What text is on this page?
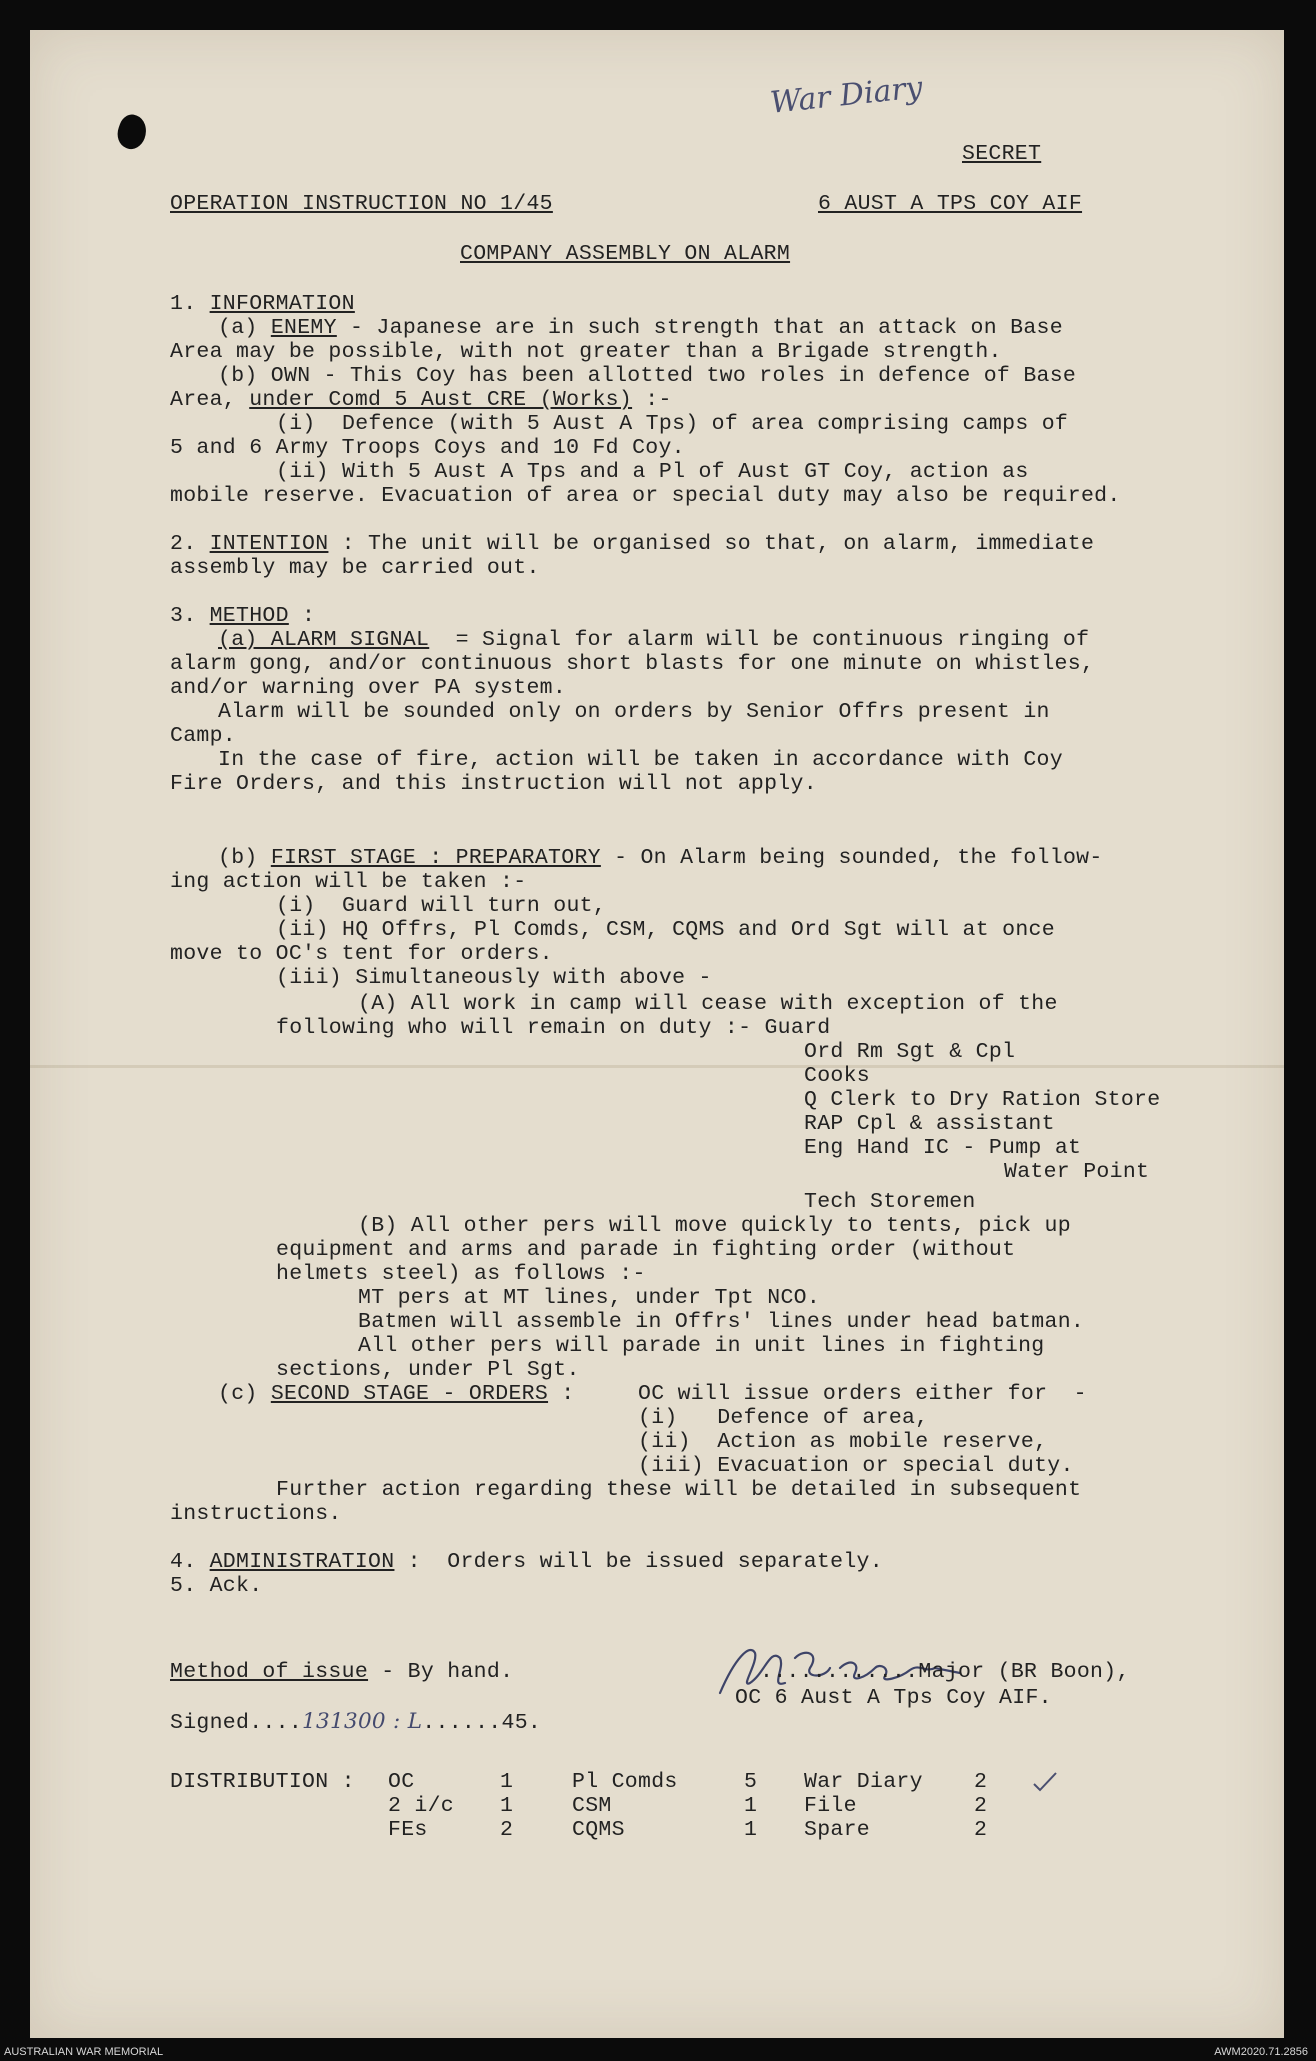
War Diary

SECRET

OPERATION INSTRUCTION NO 1/45	6 AUST A TPS COY AIF

COMPANY ASSEMBLY ON ALARM

1. INFORMATION

(a) ENEMY - Japanese are in such strength that an attack on Base

Area may be possible, with not greater than a Brigade strength.

(b) OWN - This Coy has been allotted two roles in defence of Base

Area, under Comd 5 Aust CRE (Works) :-

(i)  Defence (with 5 Aust A Tps) of area comprising camps of

5 and 6 Army Troops Coys and 10 Fd Coy.

(ii) With 5 Aust A Tps and a Pl of Aust GT Coy, action as

mobile reserve. Evacuation of area or special duty may also be required.

2. INTENTION : The unit will be organised so that, on alarm, immediate

assembly may be carried out.

3. METHOD :

(a) ALARM SIGNAL  = Signal for alarm will be continuous ringing of

alarm gong, and/or continuous short blasts for one minute on whistles,

and/or warning over PA system.

Alarm will be sounded only on orders by Senior Offrs present in

Camp.

In the case of fire, action will be taken in accordance with Coy

Fire Orders, and this instruction will not apply.

(b) FIRST STAGE : PREPARATORY - On Alarm being sounded, the follow-

ing action will be taken :-

(i)  Guard will turn out,

(ii) HQ Offrs, Pl Comds, CSM, CQMS and Ord Sgt will at once

move to OC's tent for orders.

(iii) Simultaneously with above -

(A) All work in camp will cease with exception of the

following who will remain on duty :- Guard

Ord Rm Sgt & Cpl

Cooks

Q Clerk to Dry Ration Store

RAP Cpl & assistant

Eng Hand IC - Pump at

Water Point

Tech Storemen

(B) All other pers will move quickly to tents, pick up

equipment and arms and parade in fighting order (without

helmets steel) as follows :-

MT pers at MT lines, under Tpt NCO.

Batmen will assemble in Offrs' lines under head batman.

All other pers will parade in unit lines in fighting

sections, under Pl Sgt.

(c) SECOND STAGE - ORDERS :	OC will issue orders either for  -

(i)   Defence of area,

(ii)  Action as mobile reserve,

(iii) Evacuation or special duty.

Further action regarding these will be detailed in subsequent

instructions.

4. ADMINISTRATION :  Orders will be issued separately.

5. Ack.

Method of issue - By hand.	............Major (BR Boon),

OC 6 Aust A Tps Coy AIF.

Signed....131300 : L......45.

DISTRIBUTION : OC	1	Pl Comds	5 War Diary 2

2 i/c 1	CSM	1 File	2

FEs	2	CQMS	1 Spare	2

AUSTRALIAN WAR MEMORIAL	AWM2020.71.2856
